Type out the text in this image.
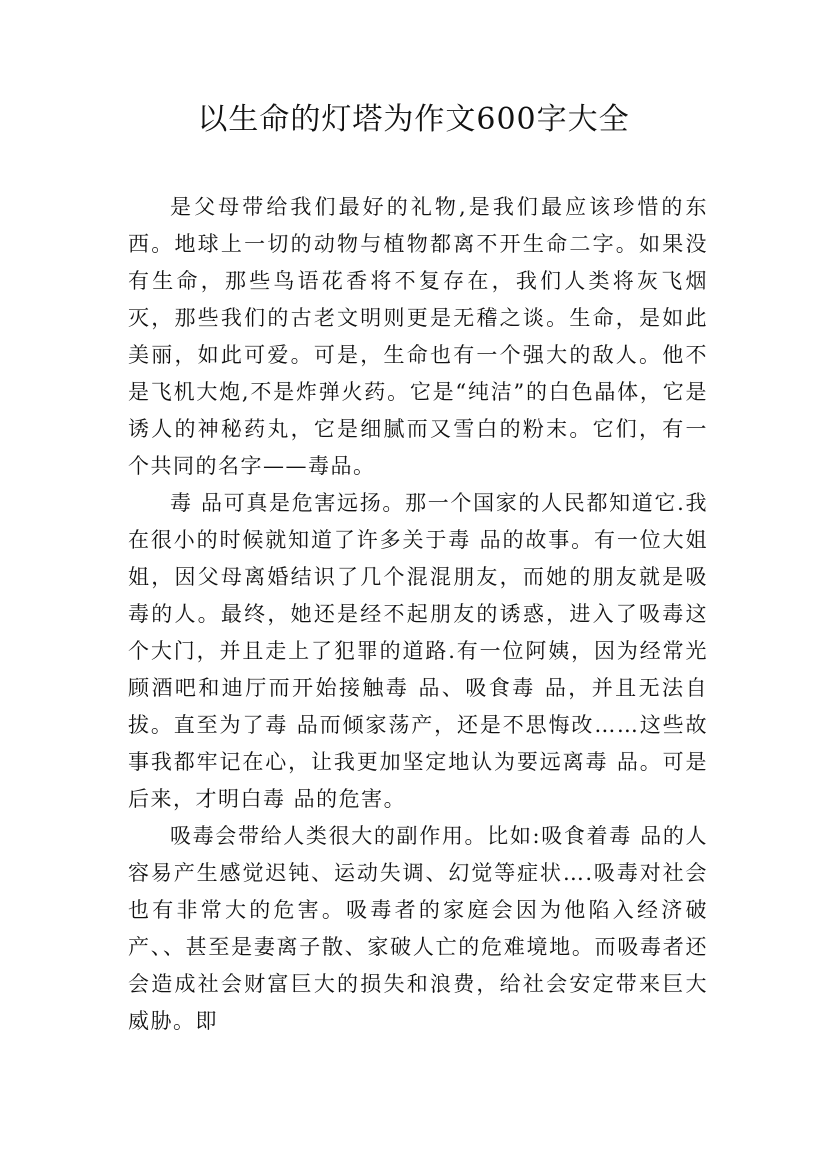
以生命的灯塔为作文600字大全

是父母带给我们最好的礼物,是我们最应该珍惜的东西。地球上一切的动物与植物都离不开生命二字。如果没有生命，那些鸟语花香将不复存在，我们人类将灰飞烟灭，那些我们的古老文明则更是无稽之谈。生命，是如此美丽，如此可爱。可是，生命也有一个强大的敌人。他不是飞机大炮,不是炸弹火药。它是“纯洁”的白色晶体，它是诱人的神秘药丸，它是细腻而又雪白的粉末。它们，有一个共同的名字——毒品。

毒 品可真是危害远扬。那一个国家的人民都知道它.我在很小的时候就知道了许多关于毒 品的故事。有一位大姐姐，因父母离婚结识了几个混混朋友，而她的朋友就是吸毒的人。最终，她还是经不起朋友的诱惑，进入了吸毒这个大门，并且走上了犯罪的道路.有一位阿姨，因为经常光顾酒吧和迪厅而开始接触毒 品、吸食毒 品，并且无法自拔。直至为了毒 品而倾家荡产，还是不思悔改……这些故事我都牢记在心，让我更加坚定地认为要远离毒 品。可是后来，才明白毒 品的危害。

吸毒会带给人类很大的副作用。比如:吸食着毒 品的人容易产生感觉迟钝、运动失调、幻觉等症状….吸毒对社会也有非常大的危害。吸毒者的家庭会因为他陷入经济破产、、甚至是妻离子散、家破人亡的危难境地。而吸毒者还会造成社会财富巨大的损失和浪费，给社会安定带来巨大威胁。即
